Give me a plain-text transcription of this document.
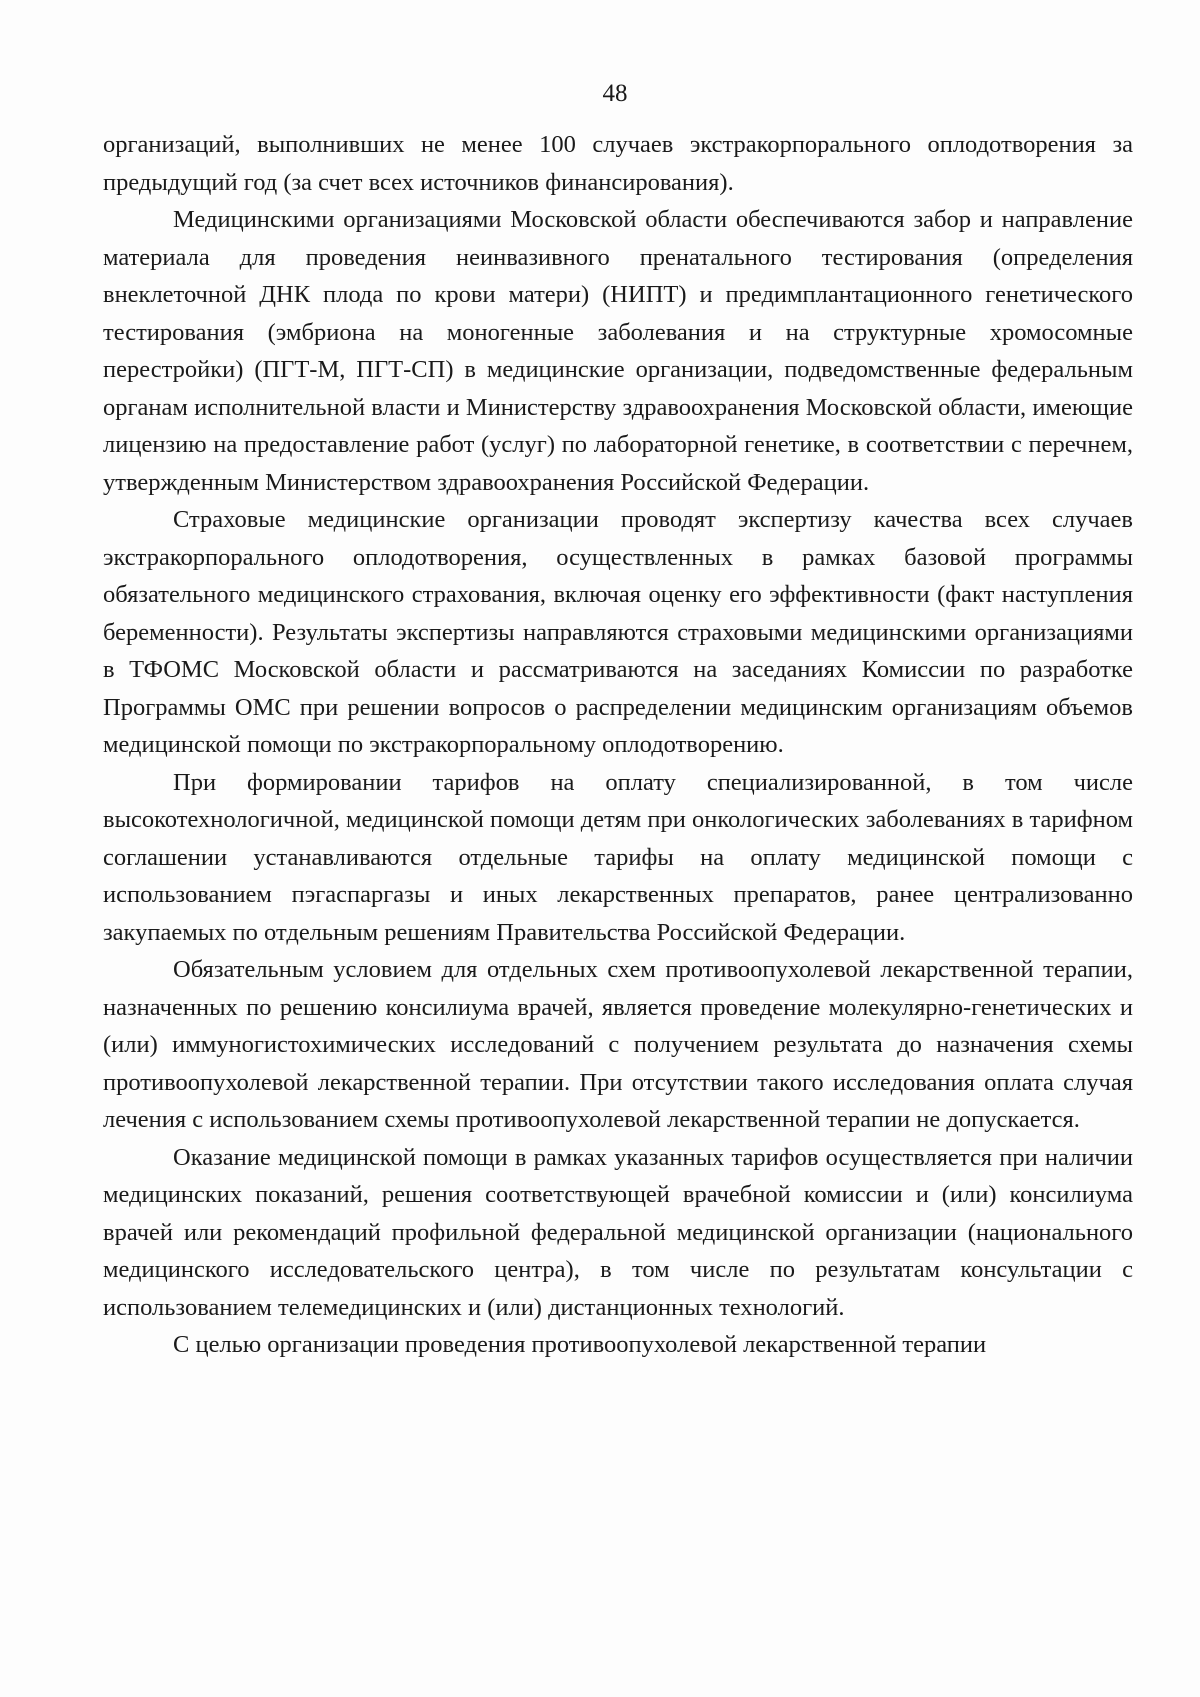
48

организаций, выполнивших не менее 100 случаев экстракорпорального оплодотворения за предыдущий год (за счет всех источников финансирования).

Медицинскими организациями Московской области обеспечиваются забор и направление материала для проведения неинвазивного пренатального тестирования (определения внеклеточной ДНК плода по крови матери) (НИПТ) и предимплантационного генетического тестирования (эмбриона на моногенные заболевания и на структурные хромосомные перестройки) (ПГТ-М, ПГТ-СП) в медицинские организации, подведомственные федеральным органам исполнительной власти и Министерству здравоохранения Московской области, имеющие лицензию на предоставление работ (услуг) по лабораторной генетике, в соответствии с перечнем, утвержденным Министерством здравоохранения Российской Федерации.

Страховые медицинские организации проводят экспертизу качества всех случаев экстракорпорального оплодотворения, осуществленных в рамках базовой программы обязательного медицинского страхования, включая оценку его эффективности (факт наступления беременности). Результаты экспертизы направляются страховыми медицинскими организациями в ТФОМС Московской области и рассматриваются на заседаниях Комиссии по разработке Программы ОМС при решении вопросов о распределении медицинским организациям объемов медицинской помощи по экстракорпоральному оплодотворению.

При формировании тарифов на оплату специализированной, в том числе высокотехнологичной, медицинской помощи детям при онкологических заболеваниях в тарифном соглашении устанавливаются отдельные тарифы на оплату медицинской помощи с использованием пэгаспаргазы и иных лекарственных препаратов, ранее централизованно закупаемых по отдельным решениям Правительства Российской Федерации.

Обязательным условием для отдельных схем противоопухолевой лекарственной терапии, назначенных по решению консилиума врачей, является проведение молекулярно-генетических и (или) иммуногистохимических исследований с получением результата до назначения схемы противоопухолевой лекарственной терапии. При отсутствии такого исследования оплата случая лечения с использованием схемы противоопухолевой лекарственной терапии не допускается.

Оказание медицинской помощи в рамках указанных тарифов осуществляется при наличии медицинских показаний, решения соответствующей врачебной комиссии и (или) консилиума врачей или рекомендаций профильной федеральной медицинской организации (национального медицинского исследовательского центра), в том числе по результатам консультации с использованием телемедицинских и (или) дистанционных технологий.

С целью организации проведения противоопухолевой лекарственной терапии
